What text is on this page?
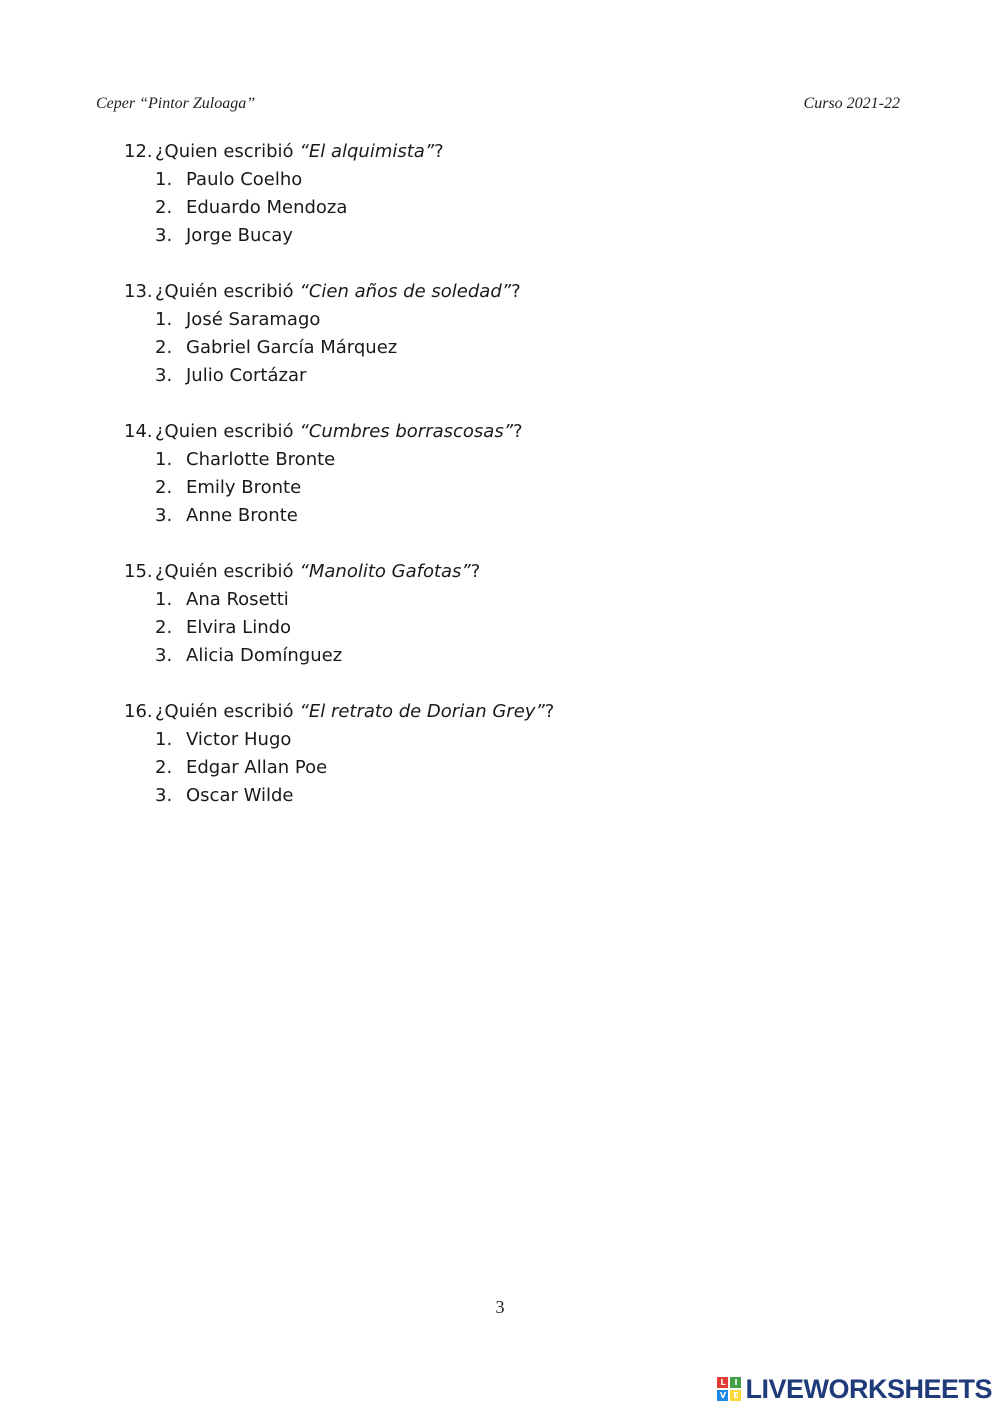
Ceper “Pintor Zuloaga”	Curso 2021-22
12. ¿Quien escribió “El alquimista”?
1. Paulo Coelho
2. Eduardo Mendoza
3. Jorge Bucay
13. ¿Quién escribió “Cien años de soledad”?
1. José Saramago
2. Gabriel García Márquez
3. Julio Cortázar
14. ¿Quien escribió “Cumbres borrascosas”?
1. Charlotte Bronte
2. Emily Bronte
3. Anne Bronte
15. ¿Quién escribió “Manolito Gafotas”?
1. Ana Rosetti
2. Elvira Lindo
3. Alicia Domínguez
16. ¿Quién escribió “El retrato de Dorian Grey”?
1. Victor Hugo
2. Edgar Allan Poe
3. Oscar Wilde
3
L	I
V E LIVEWORKSHEETS
